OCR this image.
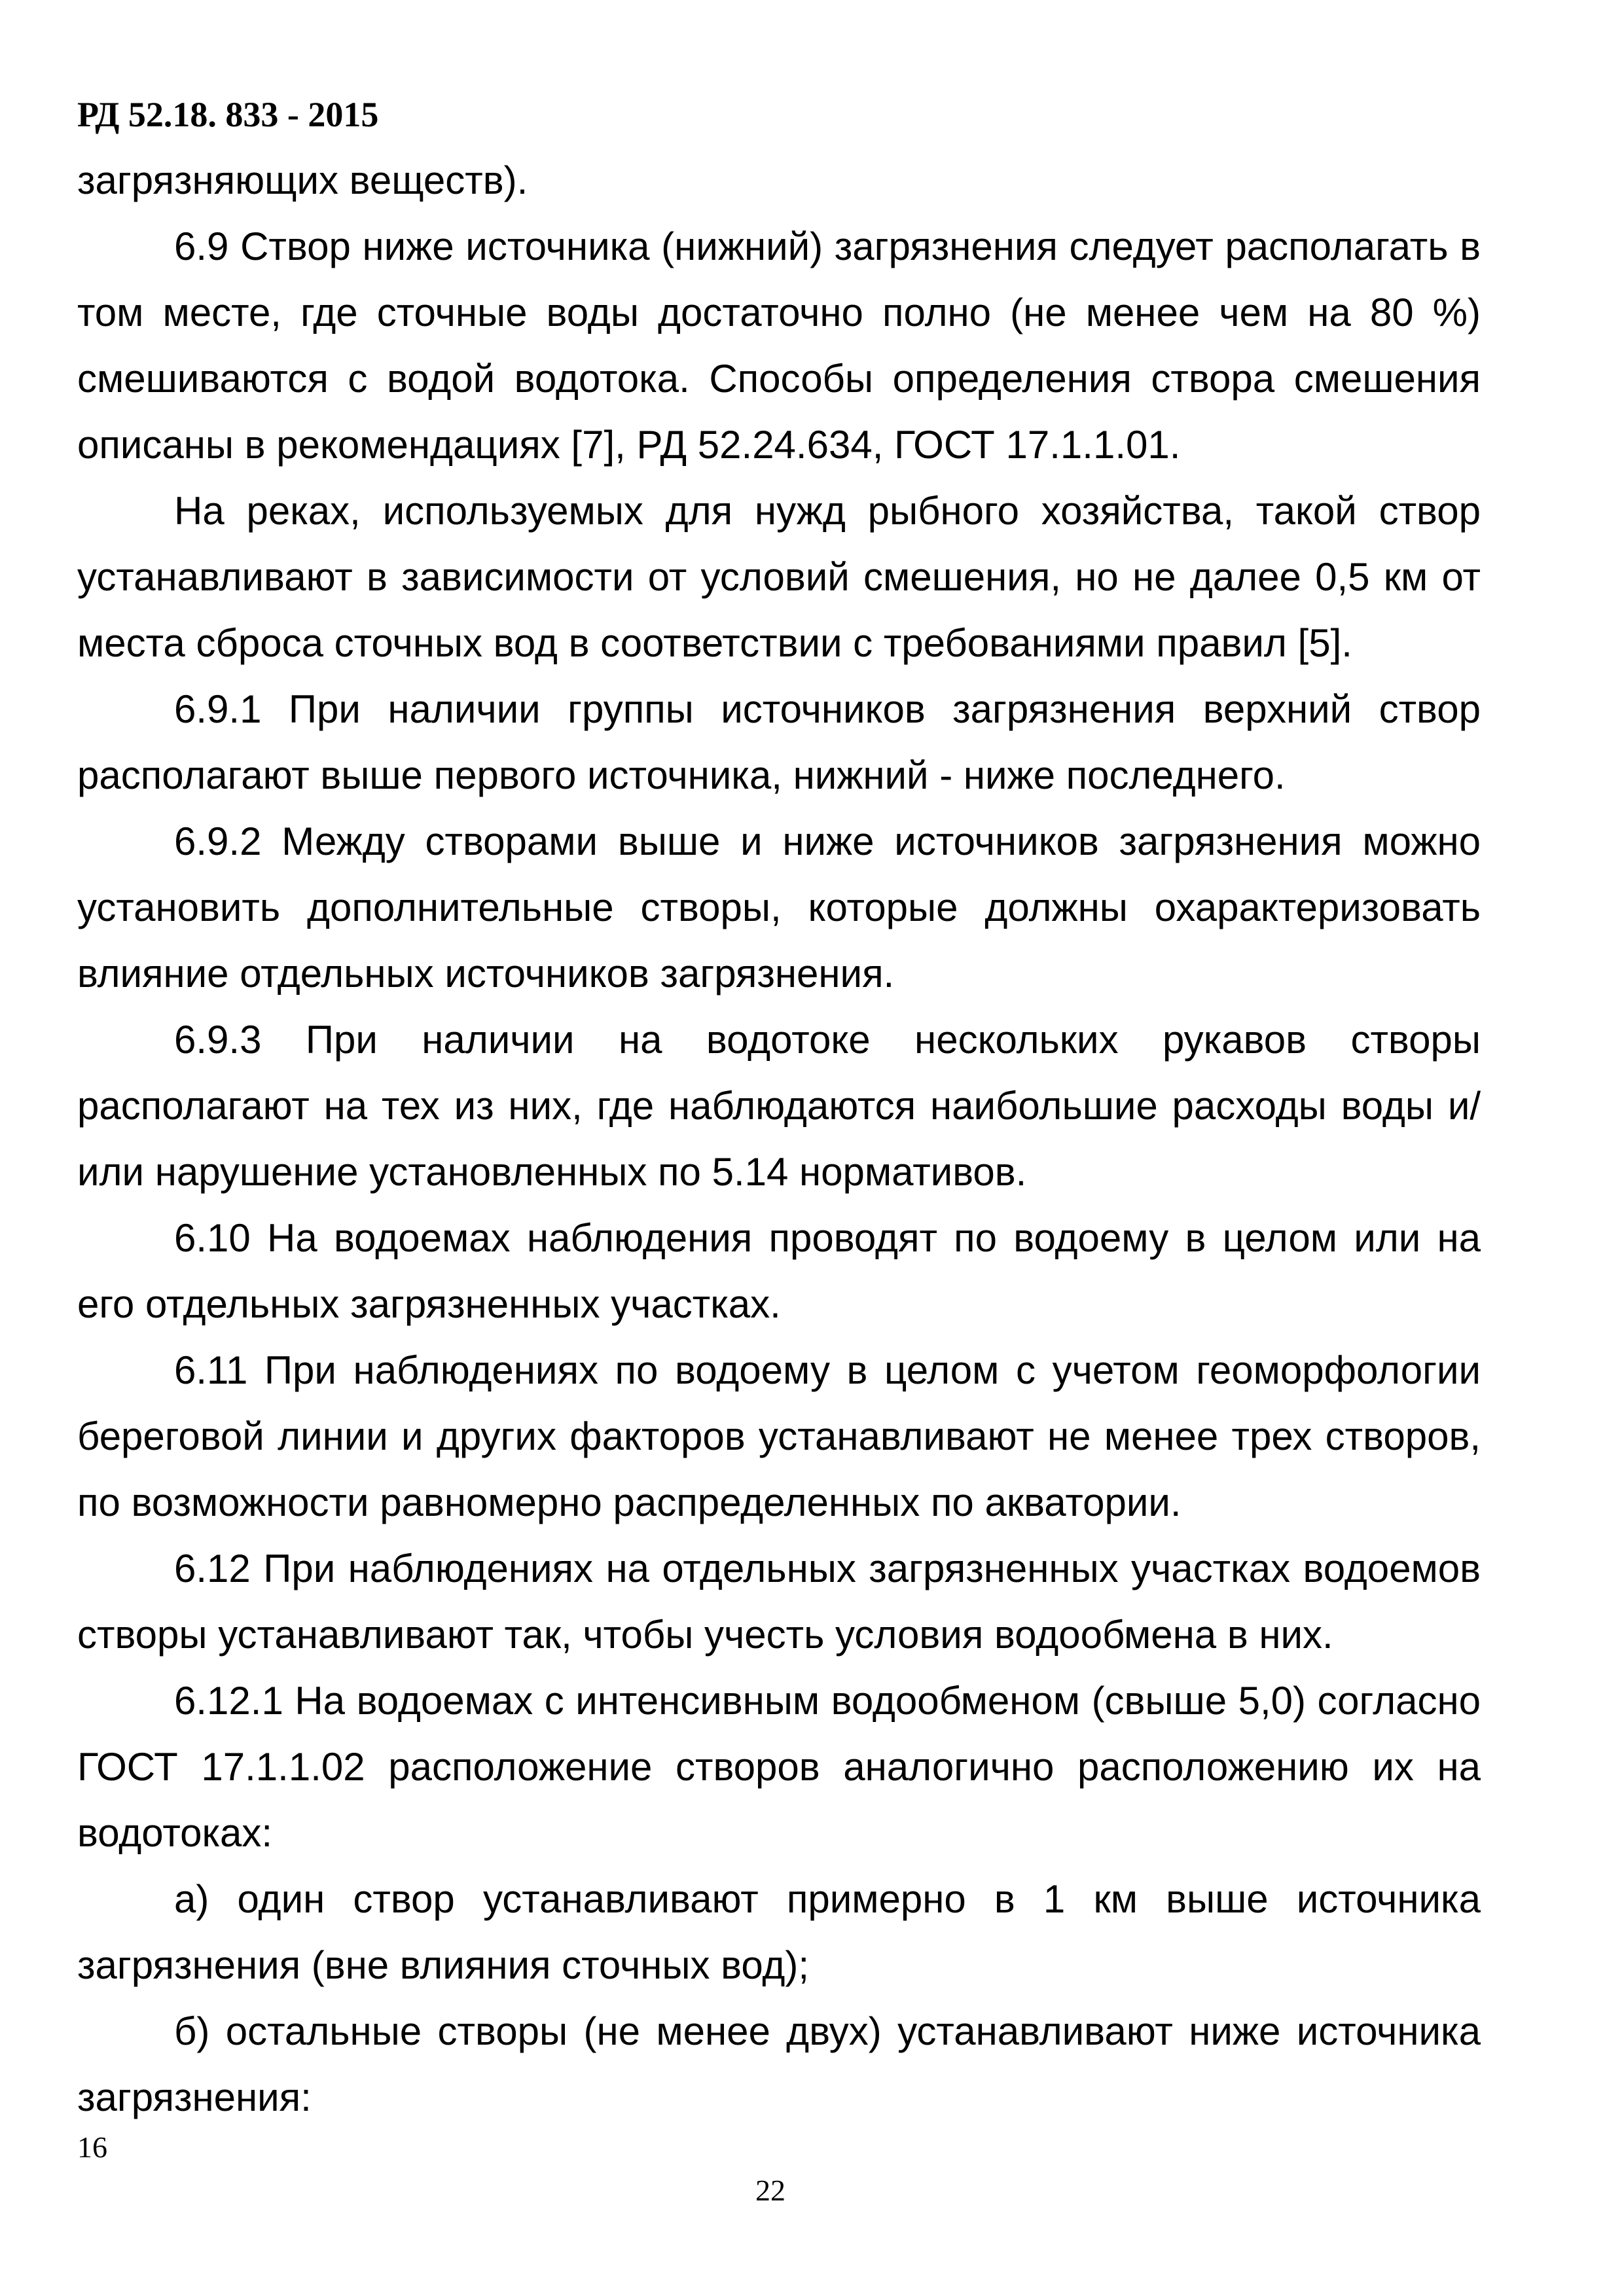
РД 52.18. 833 - 2015

загрязняющих веществ).

6.9 Створ ниже источника (нижний) загрязнения следует располагать в том месте, где сточные воды достаточно полно (не менее чем на 80 %) смешиваются с водой водотока. Способы определения створа смешения описаны в рекомендациях [7], РД 52.24.634, ГОСТ 17.1.1.01.

На реках, используемых для нужд рыбного хозяйства, такой створ устанавливают в зависимости от условий смешения, но не далее 0,5 км от места сброса сточных вод в соответствии с требованиями правил [5].

6.9.1 При наличии группы источников загрязнения верхний створ располагают выше первого источника, нижний - ниже последнего.

6.9.2 Между створами выше и ниже источников загрязнения можно установить дополнительные створы, которые должны охарактеризовать влияние отдельных источников загрязнения.

6.9.3 При наличии на водотоке нескольких рукавов створы располагают на тех из них, где наблюдаются наибольшие расходы воды и/или нарушение установленных по 5.14 нормативов.

6.10 На водоемах наблюдения проводят по водоему в целом или на его отдельных загрязненных участках.

6.11 При наблюдениях по водоему в целом с учетом геоморфологии береговой линии и других факторов устанавливают не менее трех створов, по возможности равномерно распределенных по акватории.

6.12 При наблюдениях на отдельных загрязненных участках водоемов створы устанавливают так, чтобы учесть условия водообмена в них.

6.12.1 На водоемах с интенсивным водообменом (свыше 5,0) согласно ГОСТ 17.1.1.02 расположение створов аналогично расположению их на водотоках:

а) один створ устанавливают примерно в 1 км выше источника загрязнения (вне влияния сточных вод);

б) остальные створы (не менее двух) устанавливают ниже источника загрязнения:

16
22
